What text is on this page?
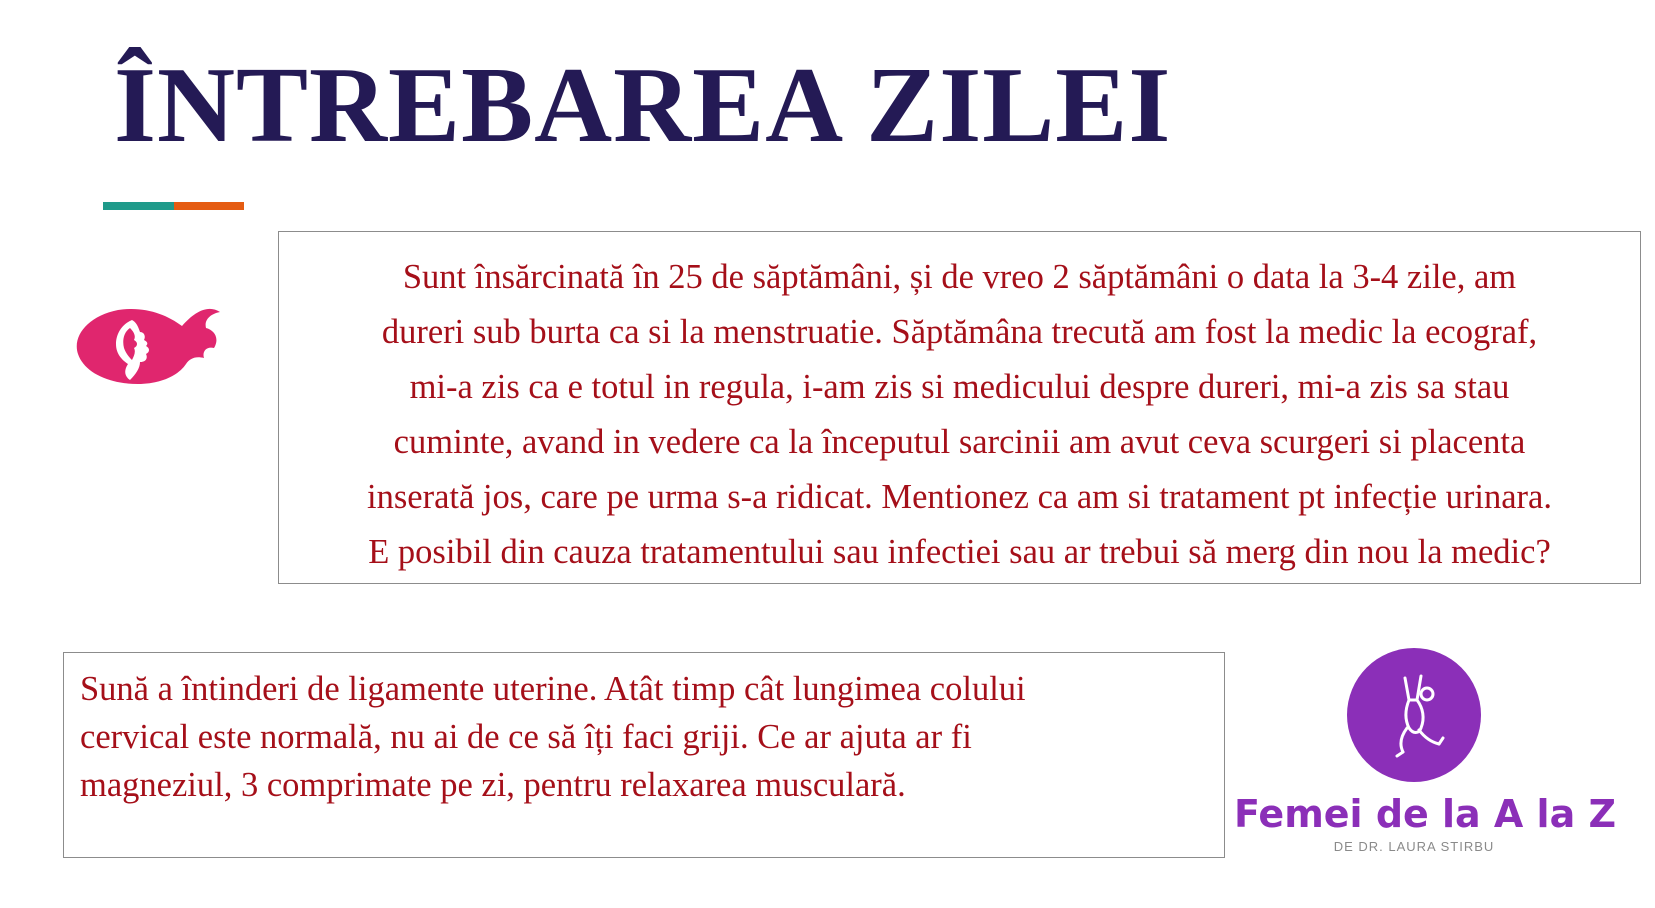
ÎNTREBAREA ZILEI
Sunt însărcinată în 25 de săptămâni, și de vreo 2 săptămâni o data la 3-4 zile, am
dureri sub burta ca si la menstruatie. Săptămâna trecută am fost la medic la ecograf,
mi-a zis ca e totul in regula, i-am zis si medicului despre dureri, mi-a zis sa stau
cuminte, avand in vedere ca la începutul sarcinii am avut ceva scurgeri si placenta
inserată jos, care pe urma s-a ridicat. Mentionez ca am si tratament pt infecție urinara.
E posibil din cauza tratamentului sau infectiei sau ar trebui să merg din nou la medic?
Sună a întinderi de ligamente uterine. Atât timp cât lungimea colului
cervical este normală, nu ai de ce să îți faci griji. Ce ar ajuta ar fi
magneziul, 3 comprimate pe zi, pentru relaxarea musculară.
Femei de la A la Z
DE DR. LAURA STIRBU
